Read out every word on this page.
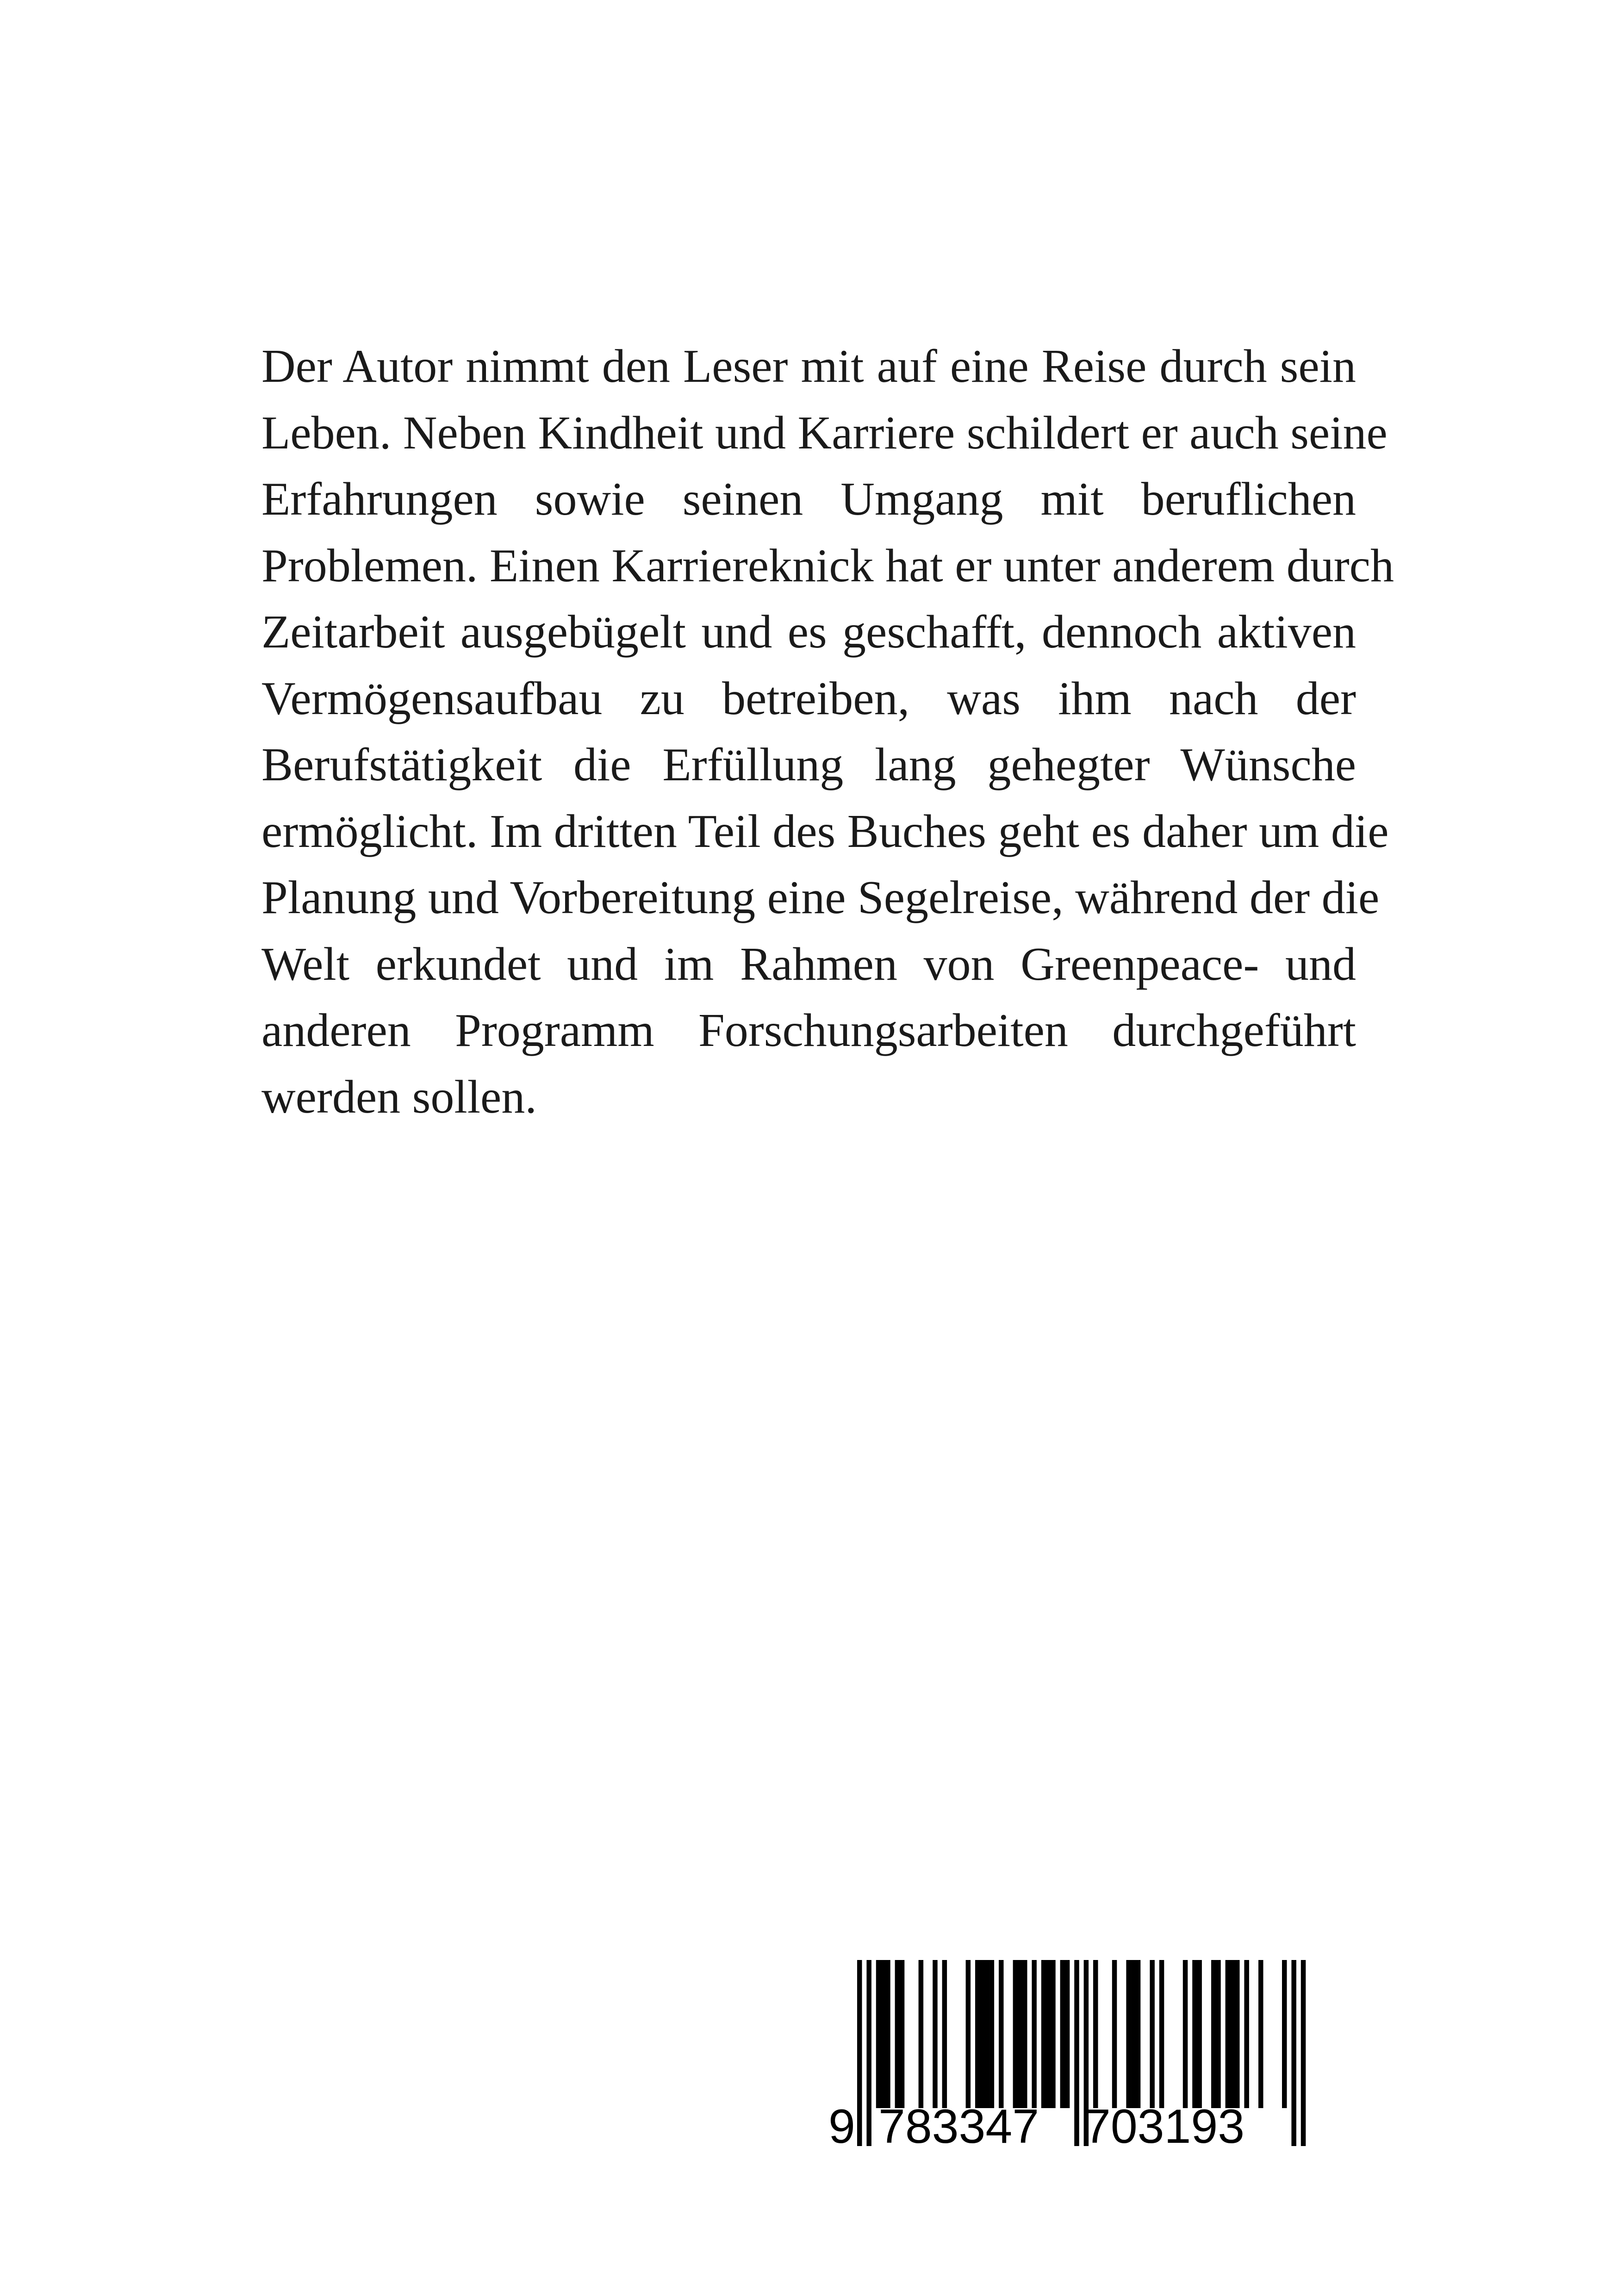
Der Autor nimmt den Leser mit auf eine Reise durch sein
Leben. Neben Kindheit und Karriere schildert er auch seine
Erfahrungen sowie seinen Umgang mit beruflichen
Problemen. Einen Karriereknick hat er unter anderem durch
Zeitarbeit ausgebügelt und es geschafft, dennoch aktiven
Vermögensaufbau zu betreiben, was ihm nach der
Berufstätigkeit die Erfüllung lang gehegter Wünsche
ermöglicht. Im dritten Teil des Buches geht es daher um die
Planung und Vorbereitung eine Segelreise, während der die
Welt erkundet und im Rahmen von Greenpeace- und
anderen Programm Forschungsarbeiten durchgeführt
werden sollen.
9 783347 703193
